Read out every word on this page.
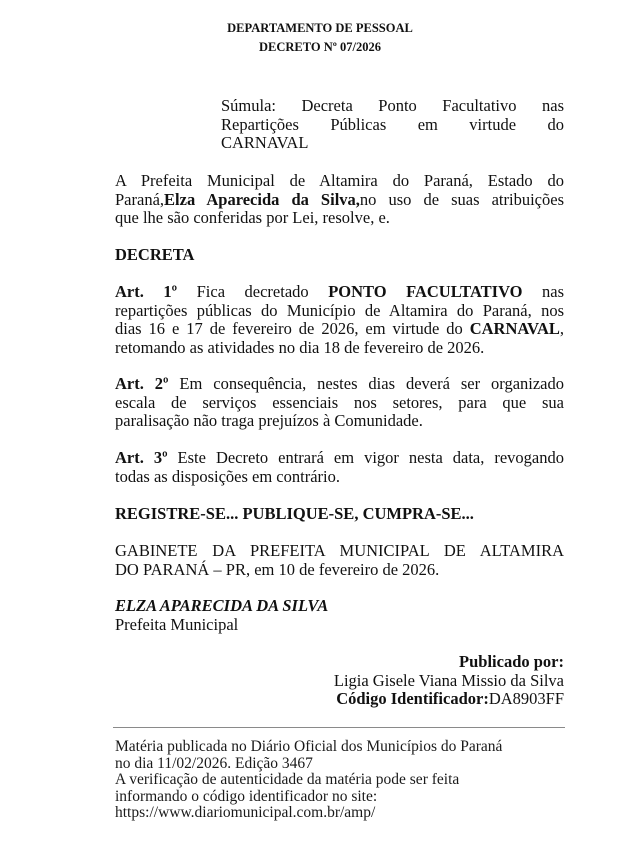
DEPARTAMENTO DE PESSOAL
DECRETO Nº 07/2026
Súmula: Decreta Ponto Facultativo nas
Repartições Públicas em virtude do
CARNAVAL
A Prefeita Municipal de Altamira do Paraná, Estado do
Paraná,Elza Aparecida da Silva,no uso de suas atribuições
que lhe são conferidas por Lei, resolve, e.
DECRETA
Art. 1º Fica decretado PONTO FACULTATIVO nas
repartições públicas do Município de Altamira do Paraná, nos
dias 16 e 17 de fevereiro de 2026, em virtude do CARNAVAL,
retomando as atividades no dia 18 de fevereiro de 2026.
Art. 2º Em consequência, nestes dias deverá ser organizado
escala de serviços essenciais nos setores, para que sua
paralisação não traga prejuízos à Comunidade.
Art. 3º Este Decreto entrará em vigor nesta data, revogando
todas as disposições em contrário.
REGISTRE-SE... PUBLIQUE-SE, CUMPRA-SE...
GABINETE DA PREFEITA MUNICIPAL DE ALTAMIRA
DO PARANÁ – PR, em 10 de fevereiro de 2026.
ELZA APARECIDA DA SILVA
Prefeita Municipal
Publicado por:
Ligia Gisele Viana Missio da Silva
Código Identificador:DA8903FF
Matéria publicada no Diário Oficial dos Municípios do Paraná
no dia 11/02/2026. Edição 3467
A verificação de autenticidade da matéria pode ser feita
informando o código identificador no site:
https://www.diariomunicipal.com.br/amp/
